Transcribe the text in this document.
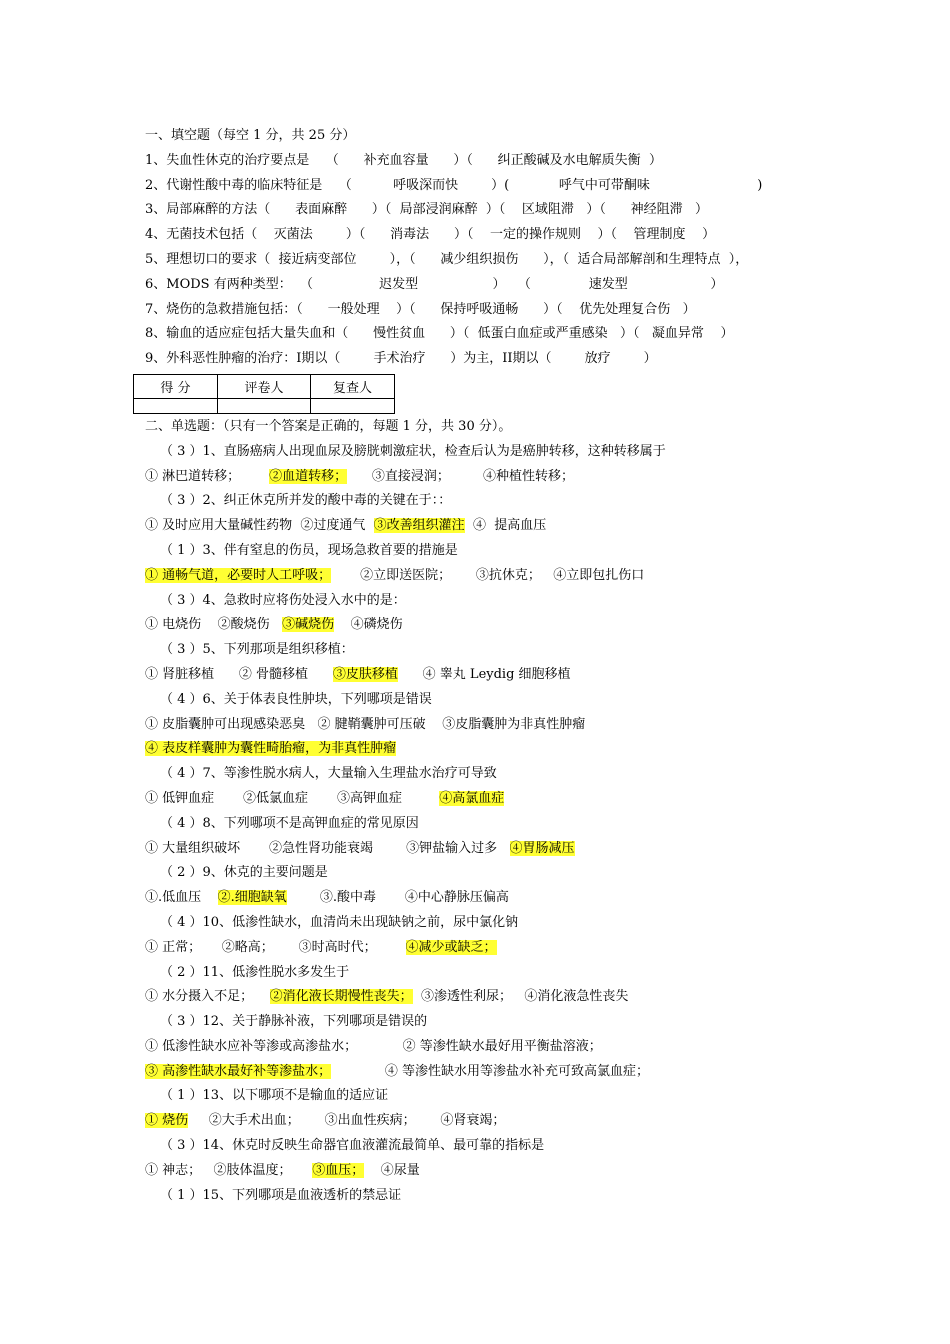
一、填空题（每空 1 分，共 25 分）
1、失血性休克的治疗要点是    （      补充血容量      ）（      纠正酸碱及水电解质失衡  ）
2、代谢性酸中毒的临床特征是    （          呼吸深而快        ）(            呼气中可带酮味                          )
3、局部麻醉的方法（      表面麻醉      ）（  局部浸润麻醉  ）（    区域阻滞   ）（      神经阻滞   ）
4、无菌技术包括（    灭菌法        ）（      消毒法      ）（    一定的操作规则    ）（    管理制度    ）
5、理想切口的要求（  接近病变部位        ），（      减少组织损伤      ），（  适合局部解剖和生理特点  ），
6、MODS 有两种类型：  （                迟发型                  ）   （              速发型                    ）
7、烧伤的急救措施包括：（      一般处理    ）（      保持呼吸通畅      ）（    优先处理复合伤   ）
8、输血的适应症包括大量失血和（      慢性贫血      ）（  低蛋白血症或严重感染   ）（   凝血异常    ）
9、外科恶性肿瘤的治疗：I期以（        手术治疗      ）为主，II期以（        放疗        ）
得 分	评卷人	复查人

二、单选题：（只有一个答案是正确的，每题 1 分，共 30 分）。
（ 3 ）1、直肠癌病人出现血尿及膀胱刺激症状，检查后认为是癌肿转移，这种转移属于
① 淋巴道转移；       ②血道转移； ③直接浸润；        ④种植性转移；
（ 3 ）2、纠正休克所并发的酸中毒的关键在于：：
① 及时应用大量碱性药物  ②过度通气  ③改善组织灌注  ④  提高血压
（ 1 ）3、伴有窒息的伤员，现场急救首要的措施是
① 通畅气道，必要时人工呼吸；       ②立即送医院；      ③抗休克；   ④立即包扎伤口
（ 3 ）4、急救时应将伤处浸入水中的是：
① 电烧伤    ②酸烧伤   ③碱烧伤    ④磷烧伤
（ 3 ）5、下列那项是组织移植：
① 肾脏移植      ② 骨髓移植      ③皮肤移植      ④ 睾丸 Leydig 细胞移植
（ 4 ）6、关于体表良性肿块，下列哪项是错误
① 皮脂囊肿可出现感染恶臭   ② 腱鞘囊肿可压破    ③皮脂囊肿为非真性肿瘤
④ 表皮样囊肿为囊性畸胎瘤，为非真性肿瘤
（ 4 ）7、等渗性脱水病人，大量输入生理盐水治疗可导致
① 低钾血症       ②低氯血症       ③高钾血症         ④高氯血症
（ 4 ）8、下列哪项不是高钾血症的常见原因
① 大量组织破坏       ②急性肾功能衰竭        ③钾盐输入过多   ④胃肠减压
（ 2 ）9、休克的主要问题是
①.低血压    ②.细胞缺氧        ③.酸中毒       ④中心静脉压偏高
（ 4 ）10、低渗性缺水，血清尚未出现缺钠之前，尿中氯化钠
① 正常；     ②略高；      ③时高时代；       ④减少或缺乏；
（ 2 ）11、低渗性脱水多发生于
① 水分摄入不足；    ②消化液长期慢性丧失；  ③渗透性利尿；   ④消化液急性丧失
（ 3 ）12、关于静脉补液，下列哪项是错误的
① 低渗性缺水应补等渗或高渗盐水；           ② 等渗性缺水最好用平衡盐溶液；
③ 高渗性缺水最好补等渗盐水；             ④ 等渗性缺水用等渗盐水补充可致高氯血症；
（ 1 ）13、以下哪项不是输血的适应证
① 烧伤     ②大手术出血；      ③出血性疾病；      ④肾衰竭；
（ 3 ）14、休克时反映生命器官血液灌流最简单、最可靠的指标是
① 神志；   ②肢体温度；     ③血压；    ④尿量
（ 1 ）15、下列哪项是血液透析的禁忌证
